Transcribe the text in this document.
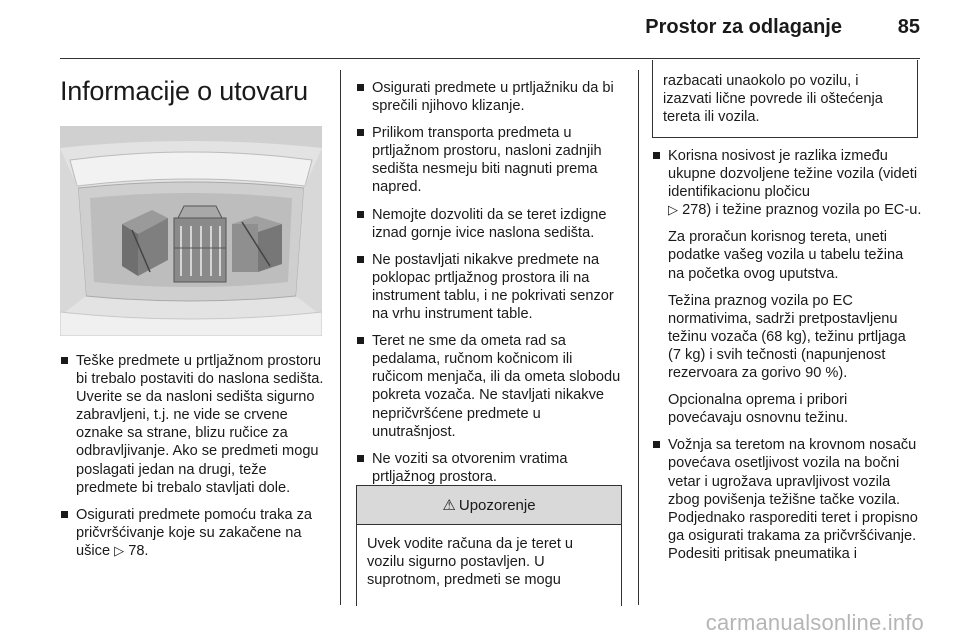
Prostor za odlaganje	85
Informacije o utovaru
Teške predmete u prtljažnom prostoru bi trebalo postaviti do naslona sedišta. Uverite se da nasloni sedišta sigurno zabravljeni, t.j. ne vide se crvene oznake sa strane, blizu ručice za odbravljivanje. Ako se predmeti mogu poslagati jedan na drugi, teže predmete bi trebalo stavljati dole.
Osigurati predmete pomoću traka za pričvršćivanje koje su zakačene na ušice ▷ 78.
Osigurati predmete u prtljažniku da bi sprečili njihovo klizanje.
Prilikom transporta predmeta u prtljažnom prostoru, nasloni zadnjih sedišta nesmeju biti nagnuti prema napred.
Nemojte dozvoliti da se teret izdigne iznad gornje ivice naslona sedišta.
Ne postavljati nikakve predmete na poklopac prtljažnog prostora ili na instrument tablu, i ne pokrivati senzor na vrhu instrument table.
Teret ne sme da ometa rad sa pedalama, ručnom kočnicom ili ručicom menjača, ili da ometa slobodu pokreta vozača. Ne stavljati nikakve nepričvršćene predmete u unutrašnjost.
Ne voziti sa otvorenim vratima prtljažnog prostora.
⚠ Upozorenje
Uvek vodite računa da je teret u vozilu sigurno postavljen. U suprotnom, predmeti se mogu
razbacati unaokolo po vozilu, i izazvati lične povrede ili oštećenja tereta ili vozila.
Korisna nosivost je razlika između ukupne dozvoljene težine vozila (videti identifikacionu pločicu
▷ 278) i težine praznog vozila po EC-u.
Za proračun korisnog tereta, uneti podatke vašeg vozila u tabelu težina na početka ovog uputstva.
Težina praznog vozila po EC normativima, sadrži pretpostavljenu težinu vozača (68 kg), težinu prtljaga (7 kg) i svih tečnosti (napunjenost rezervoara za gorivo 90 %).
Opcionalna oprema i pribori povećavaju osnovnu težinu.
Vožnja sa teretom na krovnom nosaču povećava osetljivost vozila na bočni vetar i ugrožava upravljivost vozila zbog povišenja težišne tačke vozila. Podjednako rasporediti teret i propisno ga osigurati trakama za pričvršćivanje. Podesiti pritisak pneumatika i
carmanualsonline.info
